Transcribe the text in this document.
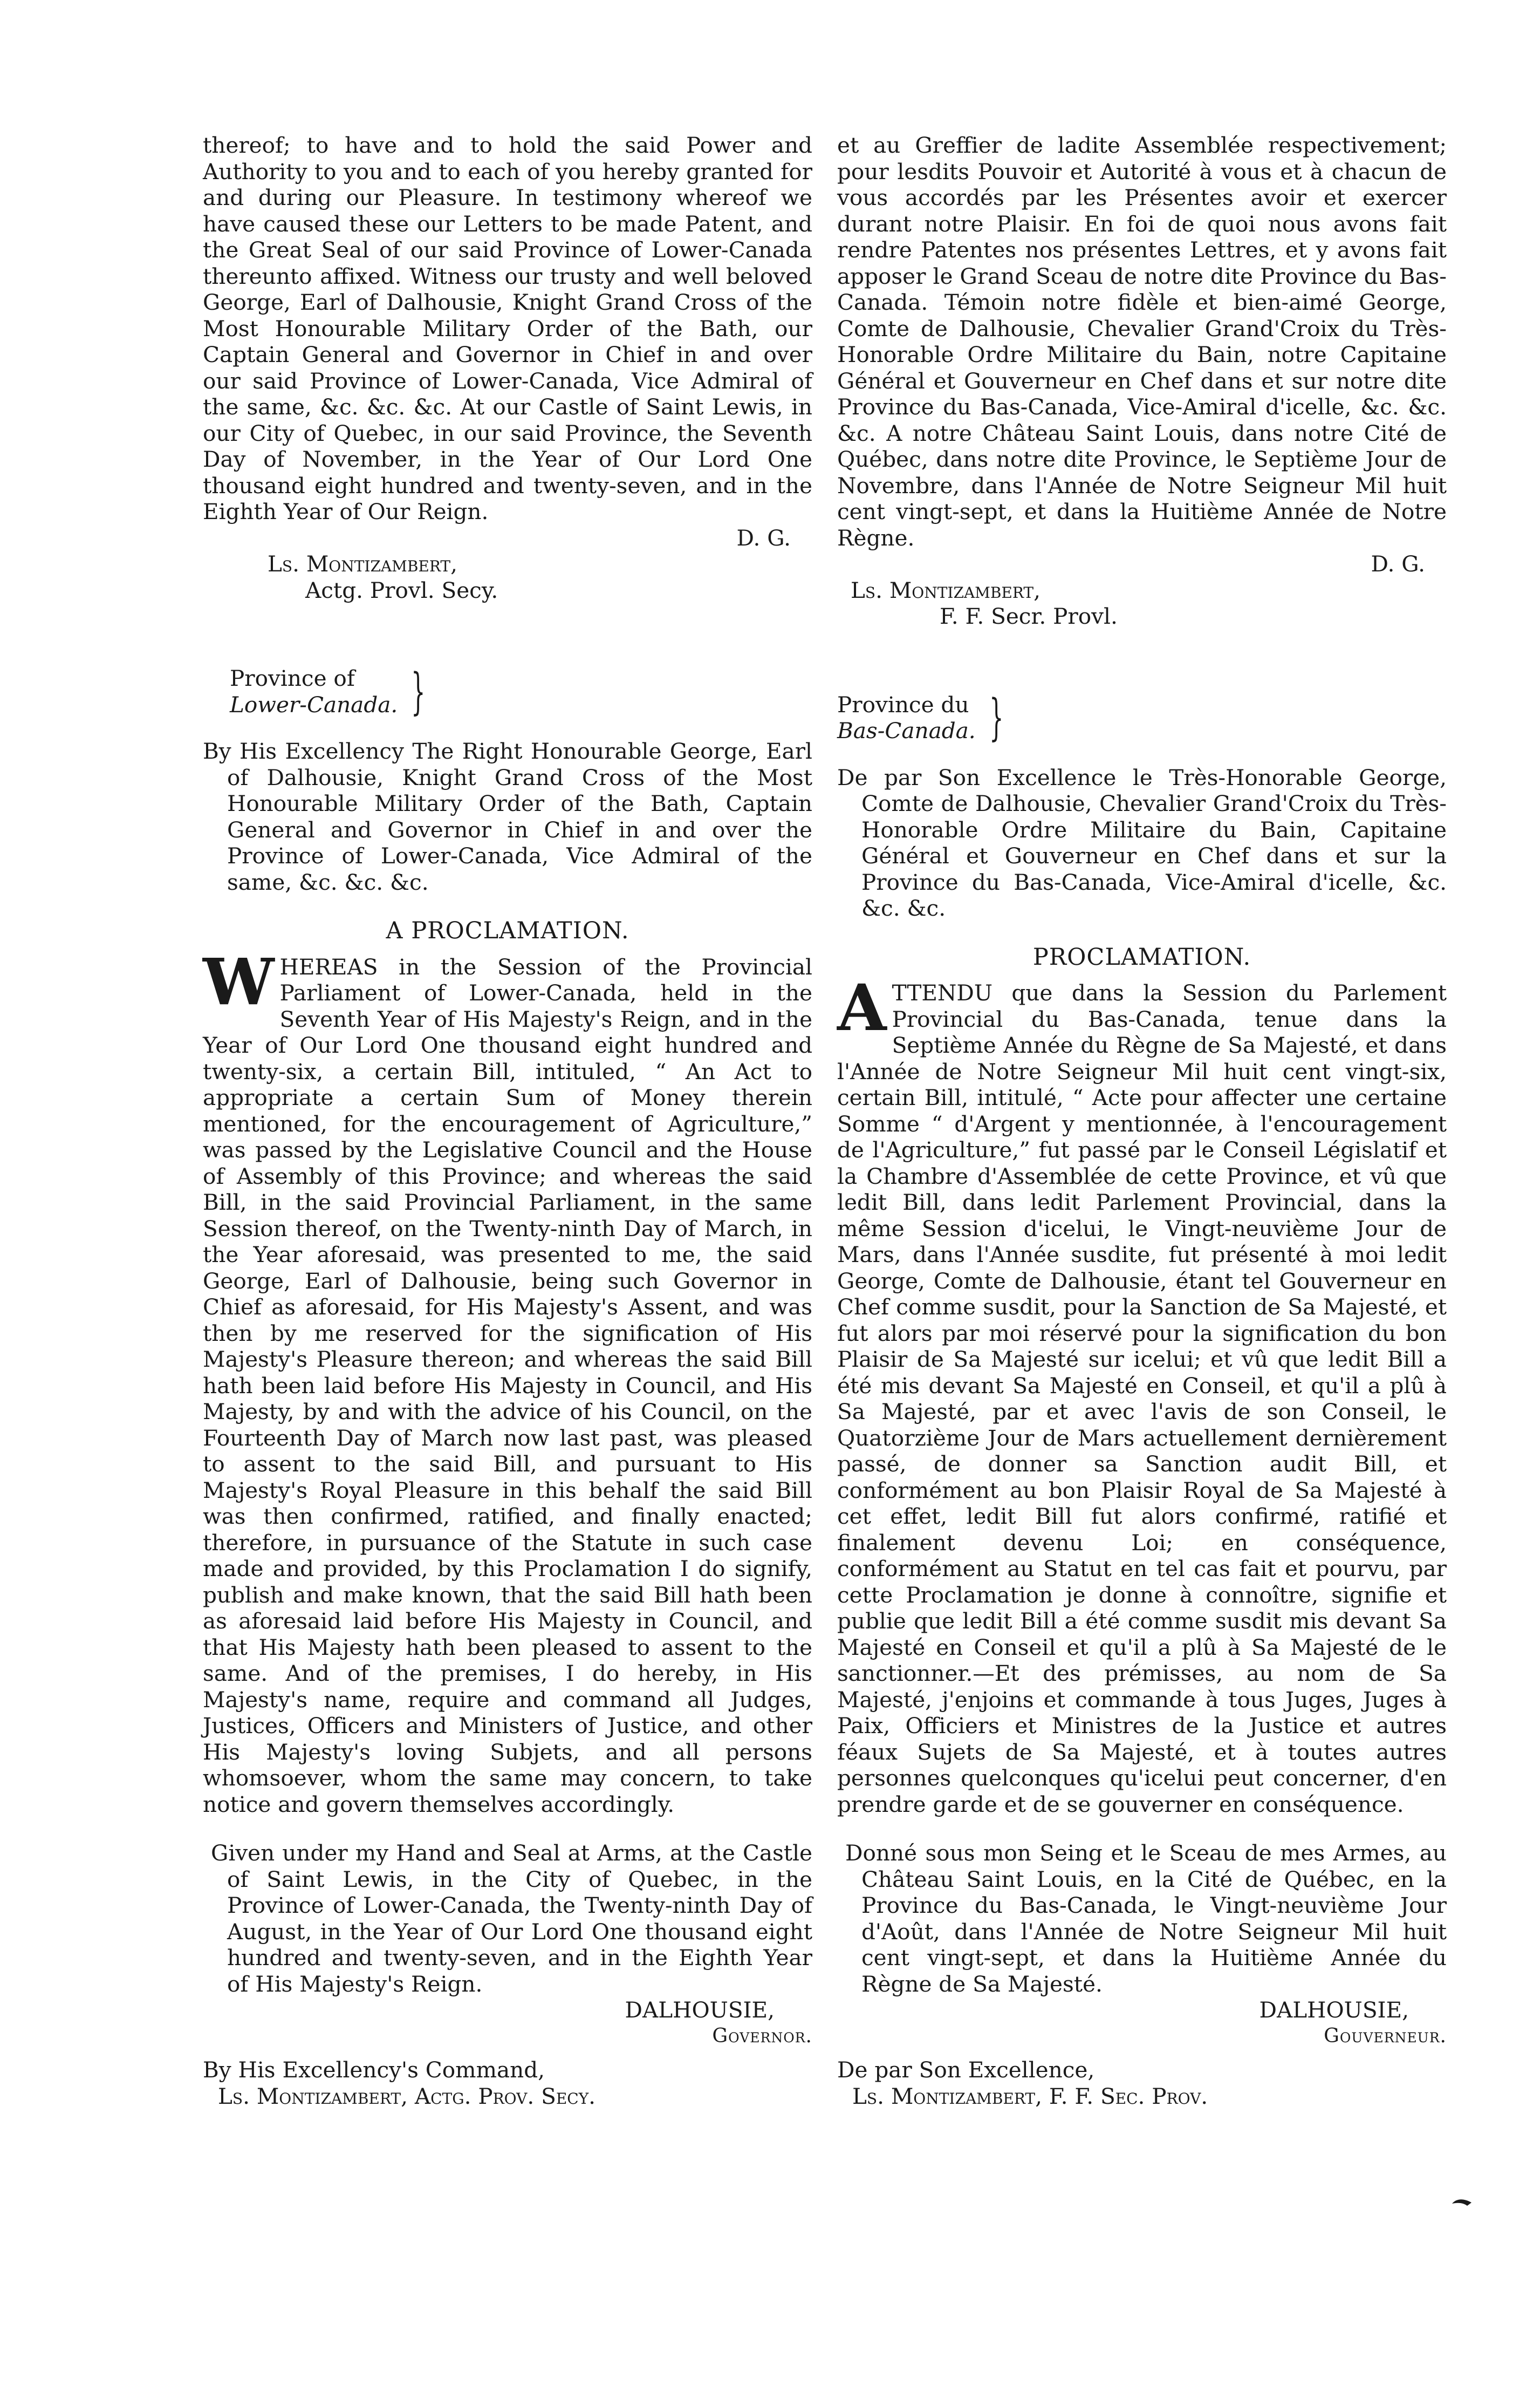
thereof; to have and to hold the said Power and Authority to you and to each of you hereby granted for and during our Pleasure. In testimony whereof we have caused these our Letters to be made Patent, and the Great Seal of our said Province of Lower-Canada thereunto affixed. Witness our trusty and well beloved George, Earl of Dalhousie, Knight Grand Cross of the Most Honourable Military Order of the Bath, our Captain General and Governor in Chief in and over our said Province of Lower-Canada, Vice Admiral of the same, &c. &c. &c. At our Castle of Saint Lewis, in our City of Quebec, in our said Province, the Seventh Day of November, in the Year of Our Lord One thousand eight hundred and twenty-seven, and in the Eighth Year of Our Reign.

D. G.
Ls. Montizambert,
Actg. Provl. Secy.
Province of
Lower-Canada. }

By His Excellency The Right Honourable George, Earl of Dalhousie, Knight Grand Cross of the Most Honourable Military Order of the Bath, Captain General and Governor in Chief in and over the Province of Lower-Canada, Vice Admiral of the same, &c. &c. &c.

A PROCLAMATION.

WHEREAS in the Session of the Provincial Parliament of Lower-Canada, held in the Seventh Year of His Majesty's Reign, and in the Year of Our Lord One thousand eight hundred and twenty-six, a certain Bill, intituled, “ An Act to appropriate a certain Sum of Money therein mentioned, for the encouragement of Agriculture,” was passed by the Legislative Council and the House of Assembly of this Province; and whereas the said Bill, in the said Provincial Parliament, in the same Session thereof, on the Twenty-ninth Day of March, in the Year aforesaid, was presented to me, the said George, Earl of Dalhousie, being such Governor in Chief as aforesaid, for His Majesty's Assent, and was then by me reserved for the signification of His Majesty's Pleasure thereon; and whereas the said Bill hath been laid before His Majesty in Council, and His Majesty, by and with the advice of his Council, on the Fourteenth Day of March now last past, was pleased to assent to the said Bill, and pursuant to His Majesty's Royal Pleasure in this behalf the said Bill was then confirmed, ratified, and finally enacted; therefore, in pursuance of the Statute in such case made and provided, by this Proclamation I do signify, publish and make known, that the said Bill hath been as aforesaid laid before His Majesty in Council, and that His Majesty hath been pleased to assent to the same. And of the premises, I do hereby, in His Majesty's name, require and command all Judges, Justices, Officers and Ministers of Justice, and other His Majesty's loving Subjets, and all persons whomsoever, whom the same may concern, to take notice and govern themselves accordingly.

Given under my Hand and Seal at Arms, at the Castle of Saint Lewis, in the City of Quebec, in the Province of Lower-Canada, the Twenty-ninth Day of August, in the Year of Our Lord One thousand eight hundred and twenty-seven, and in the Eighth Year of His Majesty's Reign.

DALHOUSIE,
Governor.
By His Excellency's Command,
Ls. Montizambert, Actg. Prov. Secy.

et au Greffier de ladite Assemblée respectivement; pour lesdits Pouvoir et Autorité à vous et à chacun de vous accordés par les Présentes avoir et exercer durant notre Plaisir. En foi de quoi nous avons fait rendre Patentes nos présentes Lettres, et y avons fait apposer le Grand Sceau de notre dite Province du Bas-Canada. Témoin notre fidèle et bien-aimé George, Comte de Dalhousie, Chevalier Grand'Croix du Très-Honorable Ordre Militaire du Bain, notre Capitaine Général et Gouverneur en Chef dans et sur notre dite Province du Bas-Canada, Vice-Amiral d'icelle, &c. &c. &c. A notre Château Saint Louis, dans notre Cité de Québec, dans notre dite Province, le Septième Jour de Novembre, dans l'Année de Notre Seigneur Mil huit cent vingt-sept, et dans la Huitième Année de Notre Règne.

D. G.
Ls. Montizambert,
F. F. Secr. Provl.
Province du
Bas-Canada. }

De par Son Excellence le Très-Honorable George, Comte de Dalhousie, Chevalier Grand'Croix du Très-Honorable Ordre Militaire du Bain, Capitaine Général et Gouverneur en Chef dans et sur la Province du Bas-Canada, Vice-Amiral d'icelle, &c. &c. &c.

PROCLAMATION.

ATTENDU que dans la Session du Parlement Provincial du Bas-Canada, tenue dans la Septième Année du Règne de Sa Majesté, et dans l'Année de Notre Seigneur Mil huit cent vingt-six, certain Bill, intitulé, “ Acte pour affecter une certaine Somme “ d'Argent y mentionnée, à l'encouragement de l'Agriculture,” fut passé par le Conseil Législatif et la Chambre d'Assemblée de cette Province, et vû que ledit Bill, dans ledit Parlement Provincial, dans la même Session d'icelui, le Vingt-neuvième Jour de Mars, dans l'Année susdite, fut présenté à moi ledit George, Comte de Dalhousie, étant tel Gouverneur en Chef comme susdit, pour la Sanction de Sa Majesté, et fut alors par moi réservé pour la signification du bon Plaisir de Sa Majesté sur icelui; et vû que ledit Bill a été mis devant Sa Majesté en Conseil, et qu'il a plû à Sa Majesté, par et avec l'avis de son Conseil, le Quatorzième Jour de Mars actuellement dernièrement passé, de donner sa Sanction audit Bill, et conformément au bon Plaisir Royal de Sa Majesté à cet effet, ledit Bill fut alors confirmé, ratifié et finalement devenu Loi; en conséquence, conformément au Statut en tel cas fait et pourvu, par cette Proclamation je donne à connoître, signifie et publie que ledit Bill a été comme susdit mis devant Sa Majesté en Conseil et qu'il a plû à Sa Majesté de le sanctionner.—Et des prémisses, au nom de Sa Majesté, j'enjoins et commande à tous Juges, Juges à Paix, Officiers et Ministres de la Justice et autres féaux Sujets de Sa Majesté, et à toutes autres personnes quelconques qu'icelui peut concerner, d'en prendre garde et de se gouverner en conséquence.

Donné sous mon Seing et le Sceau de mes Armes, au Château Saint Louis, en la Cité de Québec, en la Province du Bas-Canada, le Vingt-neuvième Jour d'Août, dans l'Année de Notre Seigneur Mil huit cent vingt-sept, et dans la Huitième Année du Règne de Sa Majesté.

DALHOUSIE,
Gouverneur.
De par Son Excellence,
Ls. Montizambert, F. F. Sec. Prov.
